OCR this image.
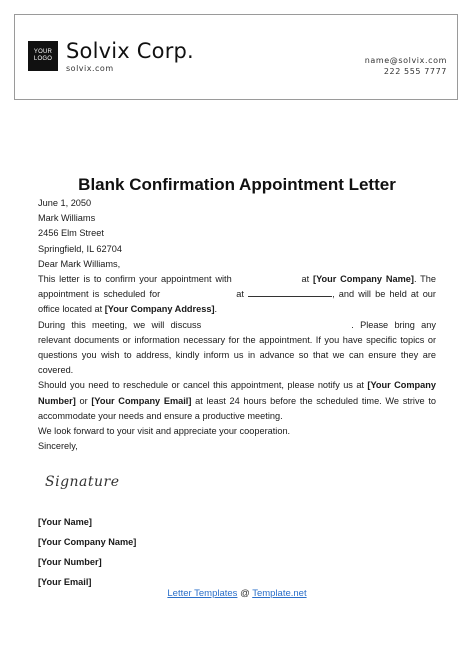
YOUR
LOGO Solvix Corp.
solvix.com
name@solvix.com
222 555 7777
Blank Confirmation Appointment Letter

June 1, 2050

Mark Williams

2456 Elm Street

Springfield, IL 62704

Dear Mark Williams,

This letter is to confirm your appointment with	at [Your Company Name]. The

appointment is scheduled for	at	, and will be held at our

office located at [Your Company Address].

During this meeting, we will discuss	. Please bring any

relevant documents or information necessary for the appointment. If you have specific topics or questions you wish to address, kindly inform us in advance so that we can ensure they are covered.

Should you need to reschedule or cancel this appointment, please notify us at [Your Company Number] or [Your Company Email] at least 24 hours before the scheduled time. We strive to accommodate your needs and ensure a productive meeting.

We look forward to your visit and appreciate your cooperation.

Sincerely,

Signature
[Your Name]
[Your Company Name]
[Your Number]
[Your Email]
Letter Templates @ Template.net
